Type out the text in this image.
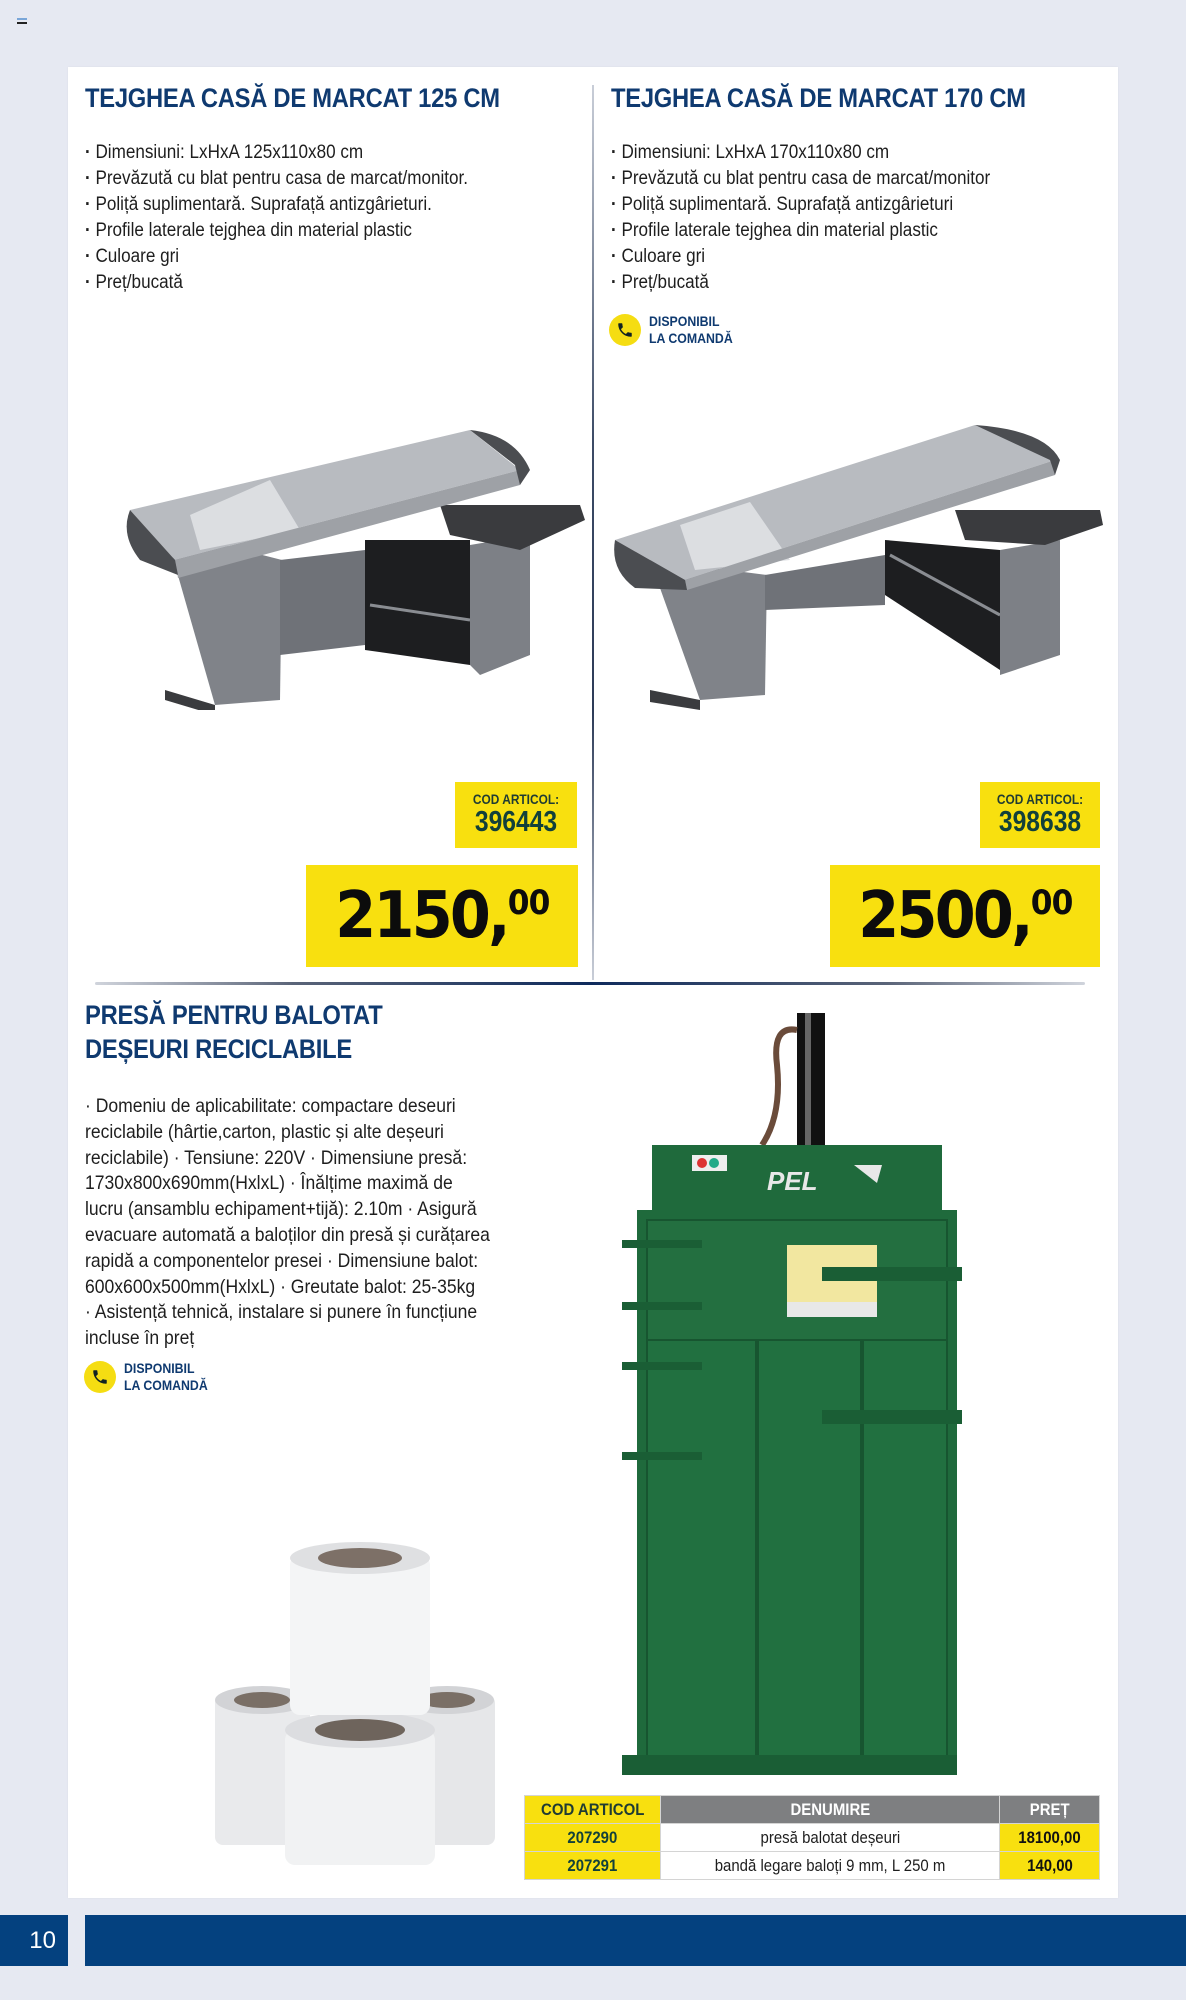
TEJGHEA CASĂ DE MARCAT 125 CM
· Dimensiuni: LxHxA 125x110x80 cm
· Prevăzută cu blat pentru casa de marcat/monitor.
· Poliță suplimentară. Suprafață antizgârieturi.
· Profile laterale tejghea din material plastic
· Culoare gri
· Preț/bucată
COD ARTICOL:
396443
2150 , 00
TEJGHEA CASĂ DE MARCAT 170 CM
· Dimensiuni: LxHxA 170x110x80 cm
· Prevăzută cu blat pentru casa de marcat/monitor
· Poliță suplimentară. Suprafață antizgârieturi
· Profile laterale tejghea din material plastic
· Culoare gri
· Preț/bucată
DISPONIBIL
LA COMANDĂ
COD ARTICOL:
398638
2500 , 00
PRESĂ PENTRU BALOTAT
DEȘEURI RECICLABILE
· Domeniu de aplicabilitate: compactare deseuri
reciclabile (hârtie,carton, plastic și alte deșeuri
reciclabile) · Tensiune: 220V · Dimensiune presă:
1730x800x690mm(HxlxL) · Înălțime maximă de
lucru (ansamblu echipament+tijă): 2.10m · Asigură
evacuare automată a baloților din presă și curățarea
rapidă a componentelor presei · Dimensiune balot:
600x600x500mm(HxlxL) · Greutate balot: 25-35kg
· Asistență tehnică, instalare si punere în funcțiune
incluse în preț
DISPONIBIL
LA COMANDĂ
PEL
COD ARTICOL	DENUMIRE	PREȚ
207290	presă balotat deșeuri	18100,00
207291	bandă legare baloți 9 mm, L 250 m	140,00
10
